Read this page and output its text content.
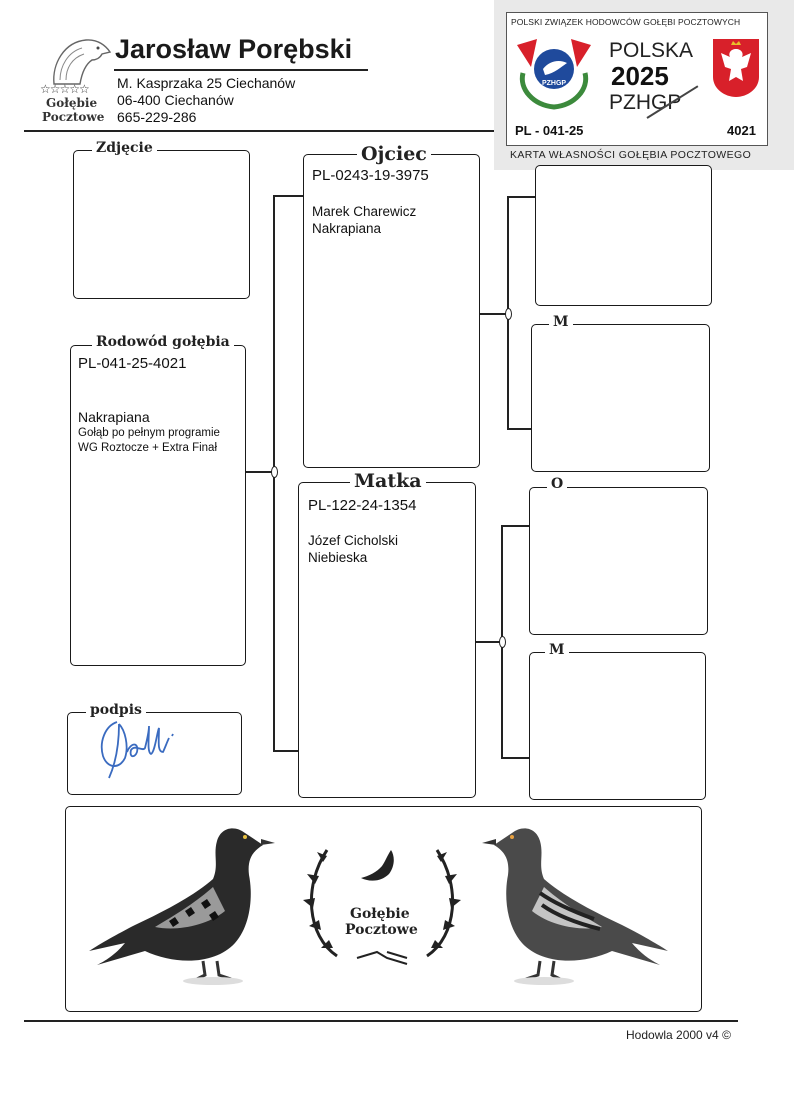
☆☆☆☆☆
Gołębie
Pocztowe
Jarosław Porębski
M. Kasprzaka 25 Ciechanów
06-400 Ciechanów
665-229-286
POLSKI ZWIĄZEK HODOWCÓW GOŁĘBI POCZTOWYCH
PZHGP
POLSKA
2025
PZHGP
PL - 041-25	4021
KARTA WŁASNOŚCI GOŁĘBIA POCZTOWEGO
Zdjęcie
Rodowód gołębia
PL-041-25-4021
Nakrapiana
Gołąb po pełnym programie
WG Roztocze + Extra Finał
podpis
Ojciec
PL-0243-19-3975
Marek Charewicz
Nakrapiana
Matka
PL-122-24-1354
Józef Cicholski
Niebieska
M
O
M
Gołębie
Pocztowe
Hodowla 2000 v4 ©
